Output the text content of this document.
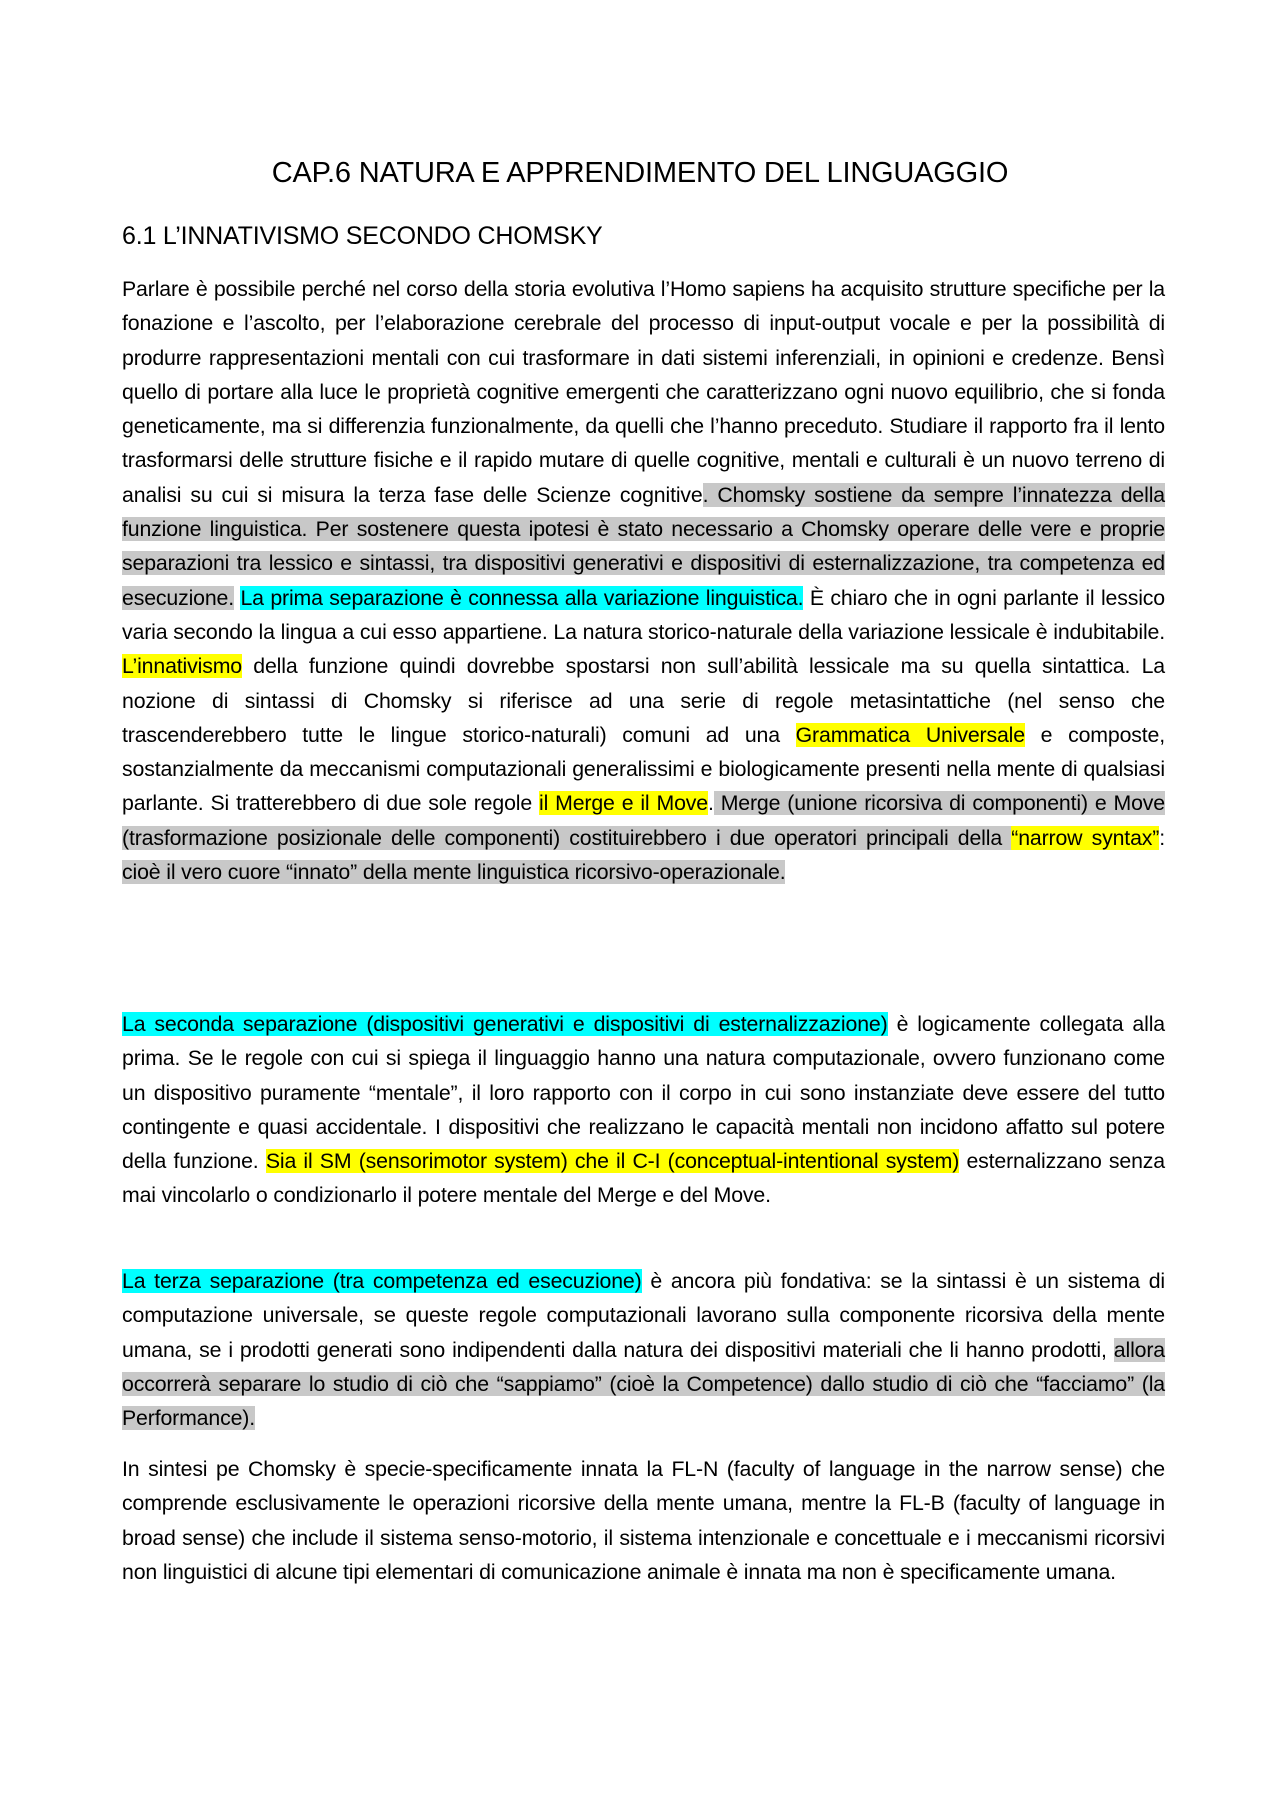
CAP.6 NATURA E APPRENDIMENTO DEL LINGUAGGIO
6.1 L’INNATIVISMO SECONDO CHOMSKY

Parlare è possibile perché nel corso della storia evolutiva l’Homo sapiens ha acquisito strutture specifiche per la fonazione e l’ascolto, per l’elaborazione cerebrale del processo di input-output vocale e per la possibilità di produrre rappresentazioni mentali con cui trasformare in dati sistemi inferenziali, in opinioni e credenze. Bensì quello di portare alla luce le proprietà cognitive emergenti che caratterizzano ogni nuovo equilibrio, che si fonda geneticamente, ma si differenzia funzionalmente, da quelli che l’hanno preceduto. Studiare il rapporto fra il lento trasformarsi delle strutture fisiche e il rapido mutare di quelle cognitive, mentali e culturali è un nuovo terreno di analisi su cui si misura la terza fase delle Scienze cognitive. Chomsky sostiene da sempre l’innatezza della funzione linguistica. Per sostenere questa ipotesi è stato necessario a Chomsky operare delle vere e proprie separazioni tra lessico e sintassi, tra dispositivi generativi e dispositivi di esternalizzazione, tra competenza ed esecuzione. La prima separazione è connessa alla variazione linguistica. È chiaro che in ogni parlante il lessico varia secondo la lingua a cui esso appartiene. La natura storico-naturale della variazione lessicale è indubitabile. L’innativismo della funzione quindi dovrebbe spostarsi non sull’abilità lessicale ma su quella sintattica. La nozione di sintassi di Chomsky si riferisce ad una serie di regole metasintattiche (nel senso che trascenderebbero tutte le lingue storico-naturali) comuni ad una Grammatica Universale e composte, sostanzialmente da meccanismi computazionali generalissimi e biologicamente presenti nella mente di qualsiasi parlante. Si tratterebbero di due sole regole il Merge e il Move. Merge (unione ricorsiva di componenti) e Move (trasformazione posizionale delle componenti) costituirebbero i due operatori principali della “narrow syntax”: cioè il vero cuore “innato” della mente linguistica ricorsivo-operazionale.

La seconda separazione (dispositivi generativi e dispositivi di esternalizzazione) è logicamente collegata alla prima. Se le regole con cui si spiega il linguaggio hanno una natura computazionale, ovvero funzionano come un dispositivo puramente “mentale”, il loro rapporto con il corpo in cui sono instanziate deve essere del tutto contingente e quasi accidentale. I dispositivi che realizzano le capacità mentali non incidono affatto sul potere della funzione. Sia il SM (sensorimotor system) che il C-I (conceptual-intentional system) esternalizzano senza mai vincolarlo o condizionarlo il potere mentale del Merge e del Move.

La terza separazione (tra competenza ed esecuzione) è ancora più fondativa: se la sintassi è un sistema di computazione universale, se queste regole computazionali lavorano sulla componente ricorsiva della mente umana, se i prodotti generati sono indipendenti dalla natura dei dispositivi materiali che li hanno prodotti, allora occorrerà separare lo studio di ciò che “sappiamo” (cioè la Competence) dallo studio di ciò che “facciamo” (la Performance).

In sintesi pe Chomsky è specie-specificamente innata la FL-N (faculty of language in the narrow sense) che comprende esclusivamente le operazioni ricorsive della mente umana, mentre la FL-B (faculty of language in broad sense) che include il sistema senso-motorio, il sistema intenzionale e concettuale e i meccanismi ricorsivi non linguistici di alcune tipi elementari di comunicazione animale è innata ma non è specificamente umana.
